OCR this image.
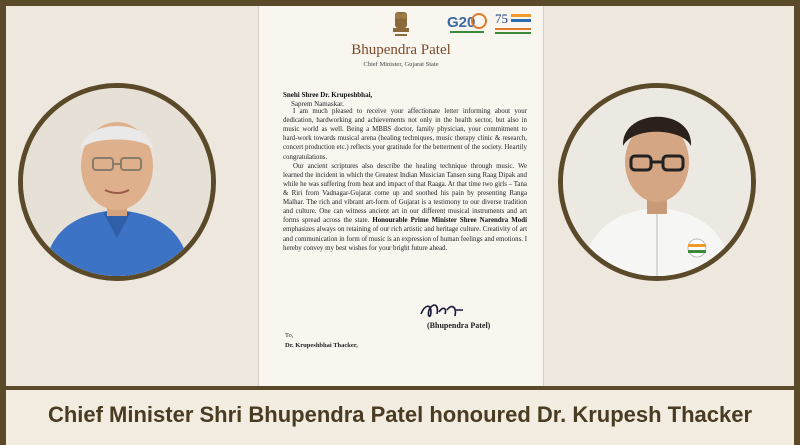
G20 75
Bhupendra Patel
Chief Minister, Gujarat State
Snehi Shree Dr. Krupeshbhai,
Saprem Namaskar.

I am much pleased to receive your affectionate letter informing about your dedication, hardworking and achievements not only in the health sector, but also in music world as well. Being a MBBS doctor, family physician, your commitment to hard-work towards musical arena (healing techniques, music therapy clinic & research, concert production etc.) reflects your gratitude for the betterment of the society. Heartily congratulations.

Our ancient scriptures also describe the healing technique through music. We learned the incident in which the Greatest Indian Musician Tansen sung Raag Dipak and while he was suffering from heat and impact of that Raaga. At that time two girls – Tana & Riri from Vadnagar-Gujarat come up and soothed his pain by presenting Ranga Malhar. The rich and vibrant art-form of Gujarat is a testimony to our diverse tradition and culture. One can witness ancient art in our different musical instruments and art forms spread across the state. Honourable Prime Minister Shree Narendra Modi emphasizes always on retaining of our rich artistic and heritage culture. Creativity of art and communication in form of music is an expression of human feelings and emotions. I hereby convey my best wishes for your bright future ahead.

(Bhupendra Patel)
To,
Dr. Krupeshbhai Thacker,
Chief Minister Shri Bhupendra Patel honoured Dr. Krupesh Thacker
